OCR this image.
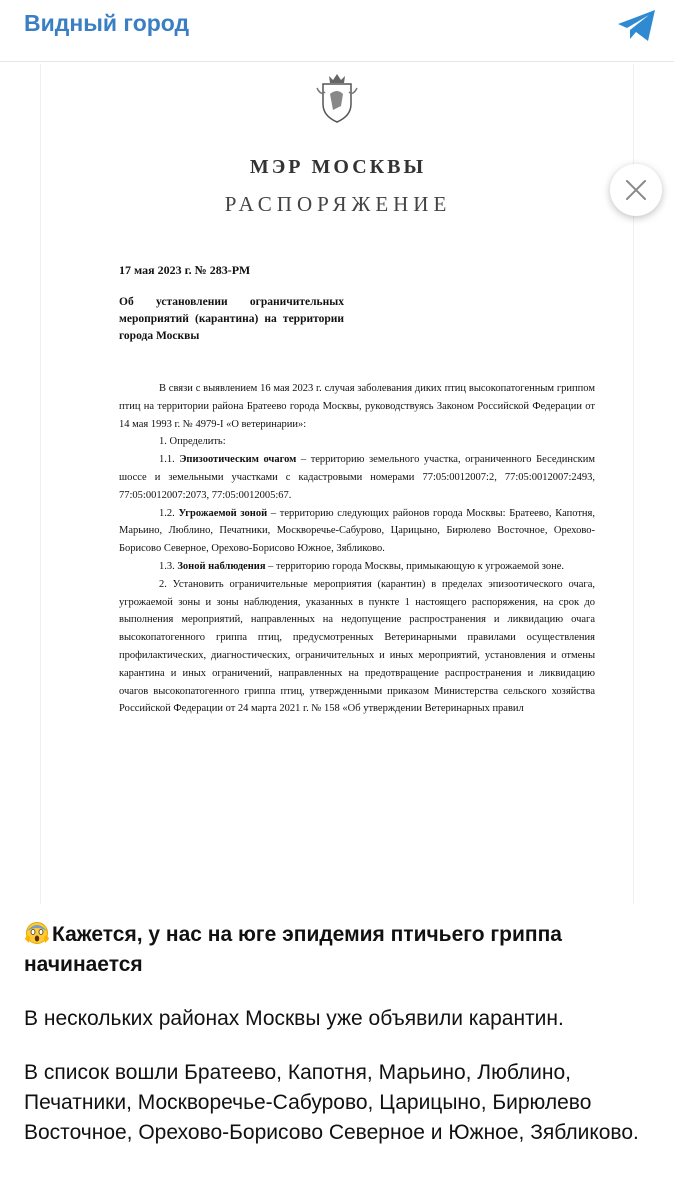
Видный город
МЭР МОСКВЫ
РАСПОРЯЖЕНИЕ
17 мая 2023 г. № 283-РМ
Об установлении ограничительных мероприятий (карантина) на территории города Москвы

В связи с выявлением 16 мая 2023 г. случая заболевания диких птиц высокопатогенным гриппом птиц на территории района Братеево города Москвы, руководствуясь Законом Российской Федерации от 14 мая 1993 г. № 4979-I «О ветеринарии»:

1. Определить:

1.1. Эпизоотическим очагом – территорию земельного участка, ограниченного Бесединским шоссе и земельными участками с кадастровыми номерами 77:05:0012007:2, 77:05:0012007:2493, 77:05:0012007:2073, 77:05:0012005:67.

1.2. Угрожаемой зоной – территорию следующих районов города Москвы: Братеево, Капотня, Марьино, Люблино, Печатники, Москворечье-Сабурово, Царицыно, Бирюлево Восточное, Орехово-Борисово Северное, Орехово-Борисово Южное, Зябликово.

1.3. Зоной наблюдения – территорию города Москвы, примыкающую к угрожаемой зоне.

2. Установить ограничительные мероприятия (карантин) в пределах эпизоотического очага, угрожаемой зоны и зоны наблюдения, указанных в пункте 1 настоящего распоряжения, на срок до выполнения мероприятий, направленных на недопущение распространения и ликвидацию очага высокопатогенного гриппа птиц, предусмотренных Ветеринарными правилами осуществления профилактических, диагностических, ограничительных и иных мероприятий, установления и отмены карантина и иных ограничений, направленных на предотвращение распространения и ликвидацию очагов высокопатогенного гриппа птиц, утвержденными приказом Министерства сельского хозяйства Российской Федерации от 24 марта 2021 г. № 158 «Об утверждении Ветеринарных правил

Кажется, у нас на юге эпидемия птичьего гриппа начинается
В нескольких районах Москвы уже объявили карантин.
В список вошли Братеево, Капотня, Марьино, Люблино, Печатники, Москворечье-Сабурово, Царицыно, Бирюлево Восточное, Орехово-Борисово Северное и Южное, Зябликово.
